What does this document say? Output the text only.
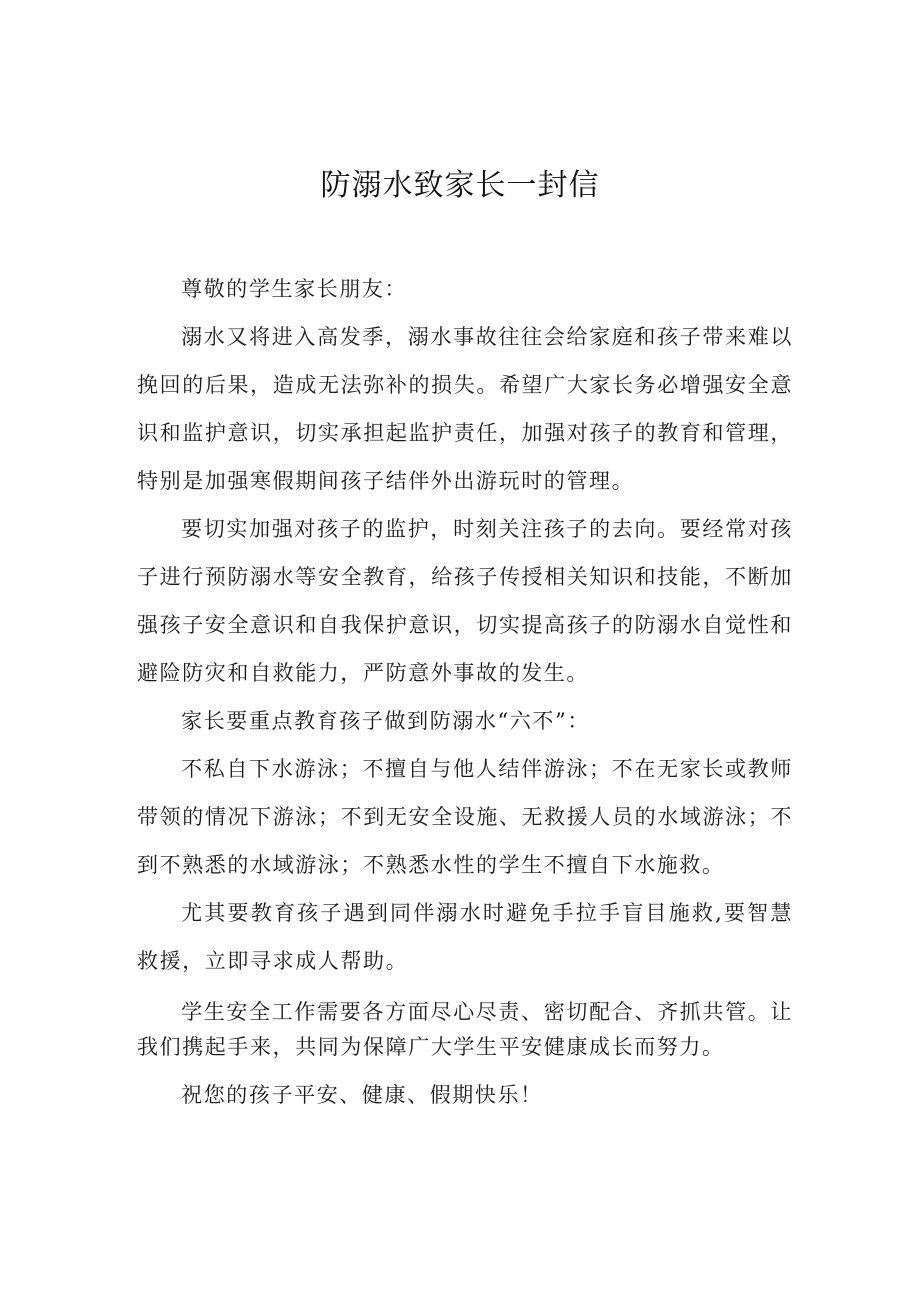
防溺水致家长一封信

尊敬的学生家长朋友：

溺水又将进入高发季，溺水事故往往会给家庭和孩子带来难以挽回的后果，造成无法弥补的损失。希望广大家长务必增强安全意识和监护意识，切实承担起监护责任，加强对孩子的教育和管理，特别是加强寒假期间孩子结伴外出游玩时的管理。

要切实加强对孩子的监护，时刻关注孩子的去向。要经常对孩子进行预防溺水等安全教育，给孩子传授相关知识和技能，不断加强孩子安全意识和自我保护意识，切实提高孩子的防溺水自觉性和避险防灾和自救能力，严防意外事故的发生。

家长要重点教育孩子做到防溺水“六不”：

不私自下水游泳；不擅自与他人结伴游泳；不在无家长或教师带领的情况下游泳；不到无安全设施、无救援人员的水域游泳；不到不熟悉的水域游泳；不熟悉水性的学生不擅自下水施救。

尤其要教育孩子遇到同伴溺水时避免手拉手盲目施救,要智慧救援，立即寻求成人帮助。

学生安全工作需要各方面尽心尽责、密切配合、齐抓共管。让我们携起手来，共同为保障广大学生平安健康成长而努力。

祝您的孩子平安、健康、假期快乐！
